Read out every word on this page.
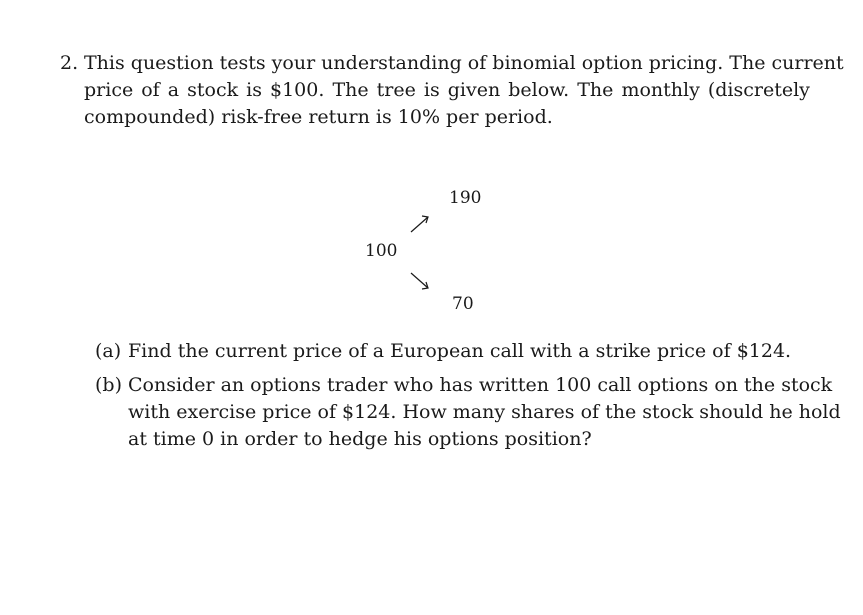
2. This question tests your understanding of binomial option pricing. The current
price of a stock is $100. The tree is given below. The monthly (discretely
compounded) risk-free return is 10% per period.
190
100
70
(a) Find the current price of a European call with a strike price of $124.
(b) Consider an options trader who has written 100 call options on the stock
with exercise price of $124. How many shares of the stock should he hold
at time 0 in order to hedge his options position?
